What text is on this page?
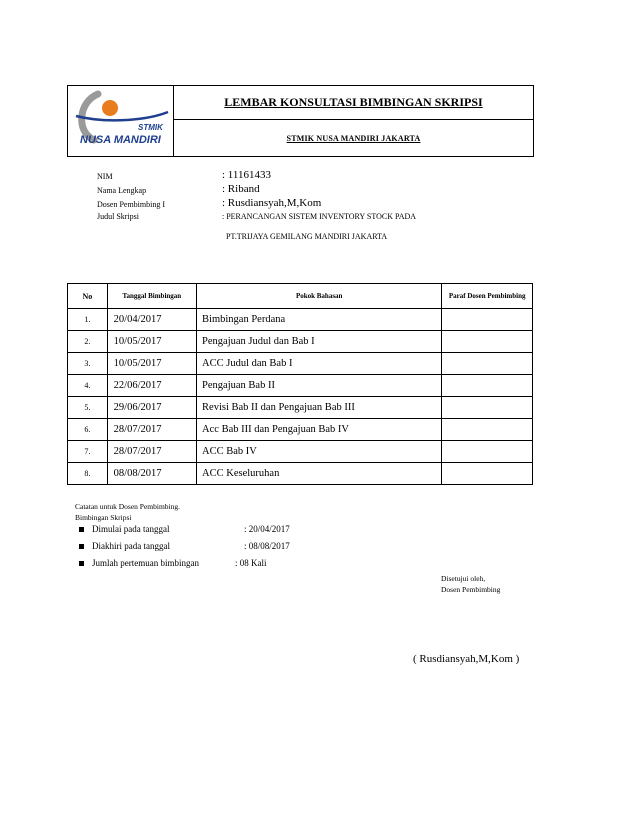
STMIK
NUSA MANDIRI
LEMBAR KONSULTASI BIMBINGAN SKRIPSI
STMIK NUSA MANDIRI JAKARTA
NIM	: 11161433
Nama Lengkap	: Riband
Dosen Pembimbing I	: Rusdiansyah,M,Kom
Judul Skripsi	: PERANCANGAN SISTEM INVENTORY STOCK PADA
PT.TRIJAYA GEMILANG MANDIRI JAKARTA
No	Tanggal Bimbingan	Pokok Bahasan	Paraf Dosen Pembimbing
1.	20/04/2017	Bimbingan Perdana	
2.	10/05/2017	Pengajuan Judul dan Bab I	
3.	10/05/2017	ACC Judul dan Bab I	
4.	22/06/2017	Pengajuan Bab II	
5.	29/06/2017	Revisi Bab II dan Pengajuan Bab III	
6.	28/07/2017	Acc Bab III dan Pengajuan Bab IV	
7.	28/07/2017	ACC Bab IV	
8.	08/08/2017	ACC Keseluruhan	
Catatan untuk Dosen Pembimbing.
Bimbingan Skripsi
Dimulai pada tanggal	: 20/04/2017
Diakhiri pada tanggal	: 08/08/2017
Jumlah pertemuan bimbingan	: 08 Kali
Disetujui oleh,
Dosen Pembimbing
( Rusdiansyah,M,Kom )
